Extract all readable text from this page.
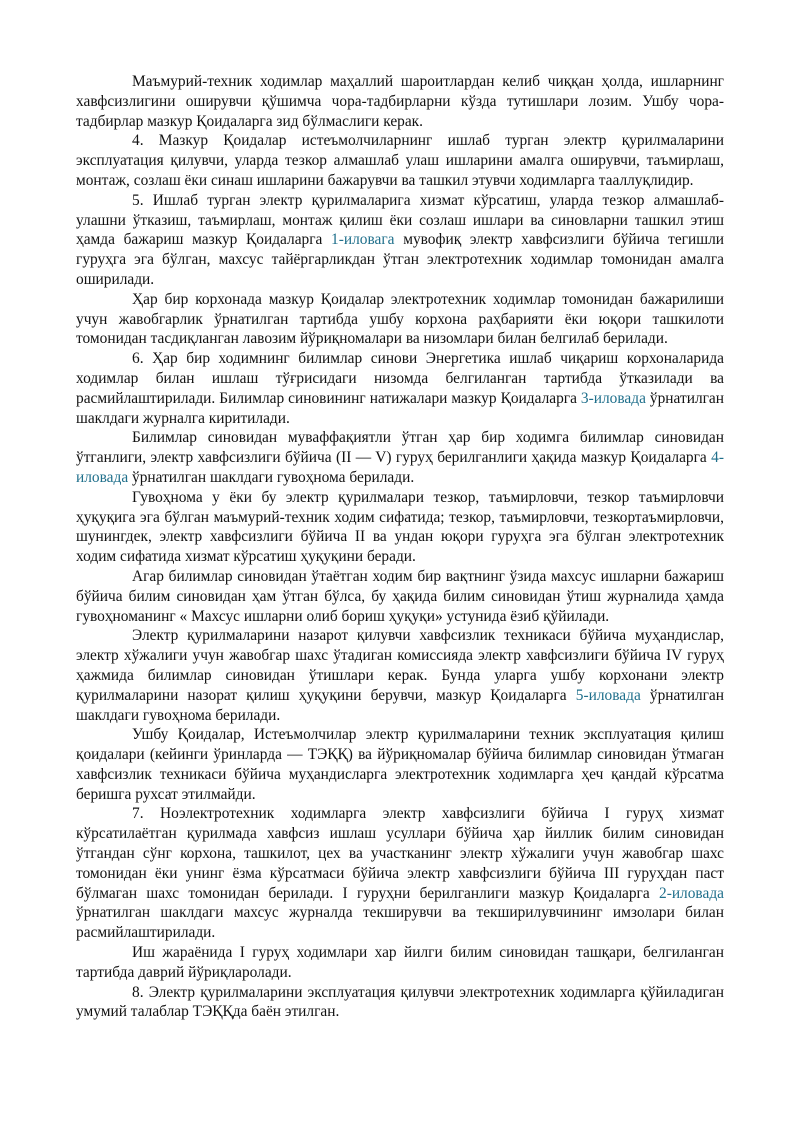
Маъмурий-техник ходимлар маҳаллий шароитлардан келиб чиққан ҳолда, ишларнинг хавфсизлигини оширувчи қўшимча чора-тадбирларни кўзда тутишлари лозим. Ушбу чора-тадбирлар мазкур Қоидаларга зид бўлмаслиги керак.

4. Мазкур Қоидалар истеъмолчиларнинг ишлаб турган электр қурилмаларини эксплуатация қилувчи, уларда тезкор алмашлаб улаш ишларини амалга оширувчи, таъмирлаш, монтаж, созлаш ёки синаш ишларини бажарувчи ва ташкил этувчи ходимларга тааллуқлидир.

5. Ишлаб турган электр қурилмаларига хизмат кўрсатиш, уларда тезкор алмашлаб-улашни ўтказиш, таъмирлаш, монтаж қилиш ёки созлаш ишлари ва синовларни ташкил этиш ҳамда бажариш мазкур Қоидаларга 1-иловага мувофиқ электр хавфсизлиги бўйича тегишли гуруҳга эга бўлган, махсус тайёргарликдан ўтган электротехник ходимлар томонидан амалга оширилади.

Ҳар бир корхонада мазкур Қоидалар электротехник ходимлар томонидан бажарилиши учун жавобгарлик ўрнатилган тартибда ушбу корхона раҳбарияти ёки юқори ташкилоти томонидан тасдиқланган лавозим йўриқномалари ва низомлари билан белгилаб берилади.

6. Ҳар бир ходимнинг билимлар синови Энергетика ишлаб чиқариш корхоналарида ходимлар билан ишлаш тўғрисидаги низомда белгиланган тартибда ўтказилади ва расмийлаштирилади. Билимлар синовининг натижалари мазкур Қоидаларга 3-иловада ўрнатилган шаклдаги журналга киритилади.

Билимлар синовидан муваффақиятли ўтган ҳар бир ходимга билимлар синовидан ўтганлиги, электр хавфсизлиги бўйича (II — V) гуруҳ берилганлиги ҳақида мазкур Қоидаларга 4-иловада ўрнатилган шаклдаги гувоҳнома берилади.

Гувоҳнома у ёки бу электр қурилмалари тезкор, таъмирловчи, тезкор таъмирловчи ҳуқуқига эга бўлган маъмурий-техник ходим сифатида; тезкор, таъмирловчи, тезкортаъмирловчи, шунингдек, электр хавфсизлиги бўйича II ва ундан юқори гуруҳга эга бўлган электротехник ходим сифатида хизмат кўрсатиш ҳуқуқини беради.

Агар билимлар синовидан ўтаётган ходим бир вақтнинг ўзида махсус ишларни бажариш бўйича билим синовидан ҳам ўтган бўлса, бу ҳақида билим синовидан ўтиш журналида ҳамда гувоҳноманинг « Махсус ишларни олиб бориш ҳуқуқи» устунида ёзиб қўйилади.

Электр қурилмаларини назарот қилувчи хавфсизлик техникаси бўйича муҳандислар, электр хўжалиги учун жавобгар шахс ўтадиган комиссияда электр хавфсизлиги бўйича IV гуруҳ ҳажмида билимлар синовидан ўтишлари керак. Бунда уларга ушбу корхонани электр қурилмаларини назорат қилиш ҳуқуқини берувчи, мазкур Қоидаларга 5-иловада ўрнатилган шаклдаги гувоҳнома берилади.

Ушбу Қоидалар, Истеъмолчилар электр қурилмаларини техник эксплуатация қилиш қоидалари (кейинги ўринларда — ТЭҚҚ) ва йўриқномалар бўйича билимлар синовидан ўтмаган хавфсизлик техникаси бўйича муҳандисларга электротехник ходимларга ҳеч қандай кўрсатма беришга рухсат этилмайди.

7. Ноэлектротехник ходимларга электр хавфсизлиги бўйича I гуруҳ хизмат кўрсатилаётган қурилмада хавфсиз ишлаш усуллари бўйича ҳар йиллик билим синовидан ўтгандан сўнг корхона, ташкилот, цех ва участканинг электр хўжалиги учун жавобгар шахс томонидан ёки унинг ёзма кўрсатмаси бўйича электр хавфсизлиги бўйича III гуруҳдан паст бўлмаган шахс томонидан берилади. I гуруҳни берилганлиги мазкур Қоидаларга 2-иловада ўрнатилган шаклдаги махсус журналда текширувчи ва текширилувчининг имзолари билан расмийлаштирилади.

Иш жараёнида I гуруҳ ходимлари хар йилги билим синовидан ташқари, белгиланган тартибда даврий йўриқларолади.

8. Электр қурилмаларини эксплуатация қилувчи электротехник ходимларга қўйиладиган умумий талаблар ТЭҚҚда баён этилган.
